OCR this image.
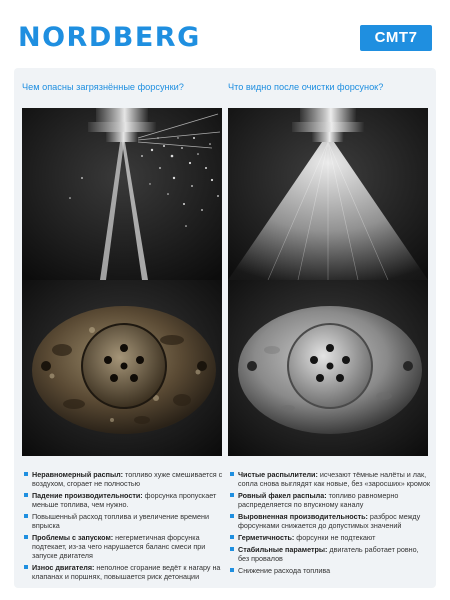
NORDBERG	CMT7
Чем опасны загрязнённые форсунки?
Неравномерный распыл: топливо хуже смешивается с воздухом, сгорает не полностью
Падение производительности: форсунка пропускает меньше топлива, чем нужно.
Повышенный расход топлива и увеличение времени впрыска
Проблемы с запуском: негерметичная форсунка подтекает, из-за чего нарушается баланс смеси при запуске двигателя
Износ двигателя: неполное сгорание ведёт к нагару на клапанах и поршнях, повышается риск детонации
Что видно после очистки форсунок?
Чистые распылители: исчезают тёмные налёты и лак, сопла снова выглядят как новые, без «заросших» кромок
Ровный факел распыла: топливо равномерно распределяется по впускному каналу
Выровненная производительность: разброс между форсунками снижается до допустимых значений
Герметичность: форсунки не подтекают
Стабильные параметры: двигатель работает ровно, без провалов
Снижение расхода топлива
